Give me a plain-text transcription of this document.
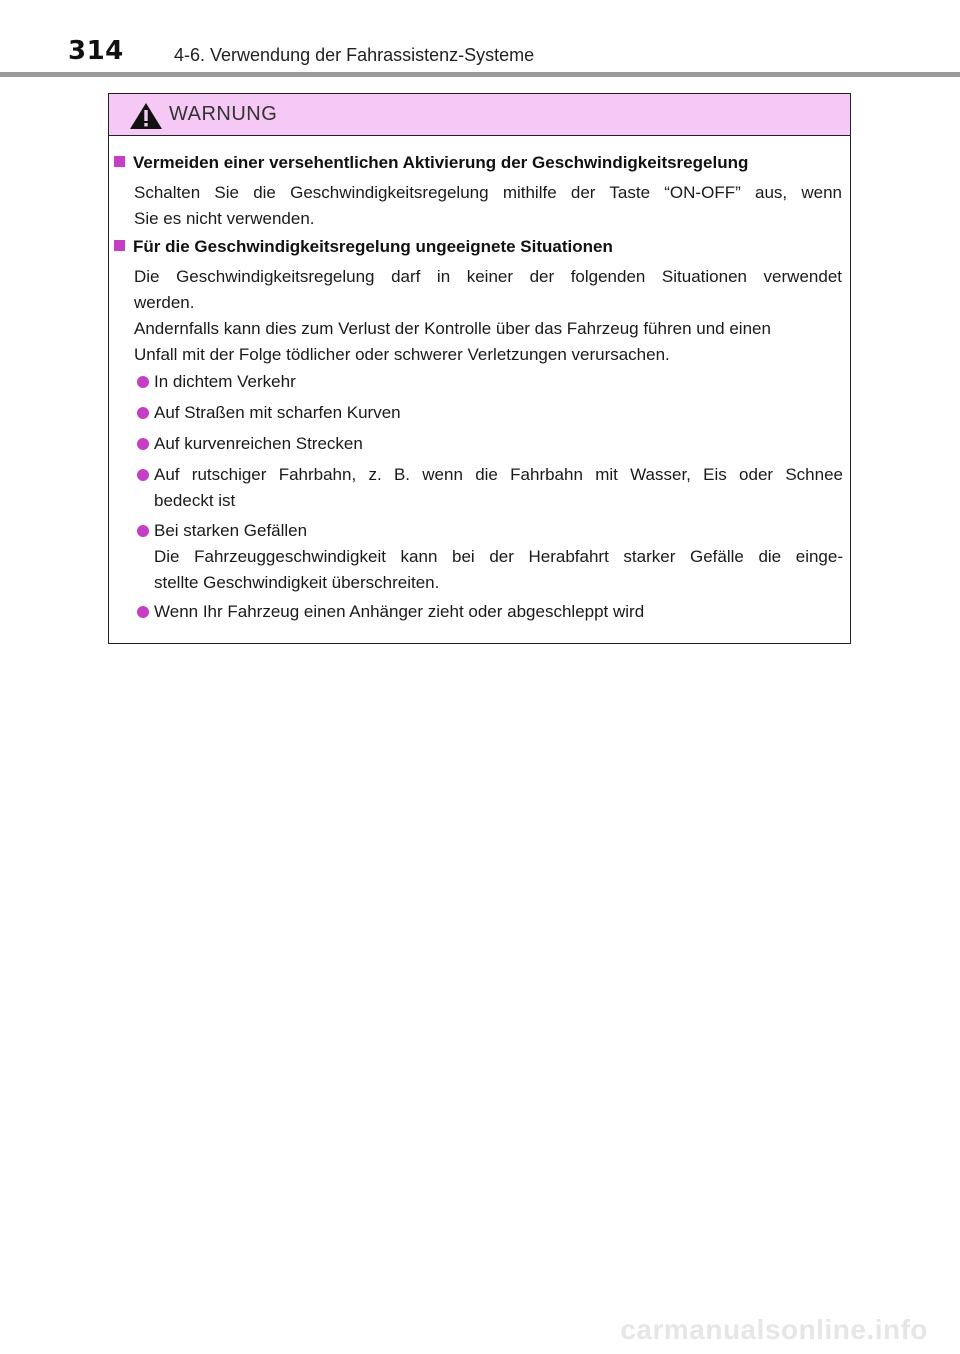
314	4-6. Verwendung der Fahrassistenz-Systeme
WARNUNG
Vermeiden einer versehentlichen Aktivierung der Geschwindigkeitsregelung
Schalten Sie die Geschwindigkeitsregelung mithilfe der Taste “ON-OFF” aus, wenn
Sie es nicht verwenden.
Für die Geschwindigkeitsregelung ungeeignete Situationen
Die Geschwindigkeitsregelung darf in keiner der folgenden Situationen verwendet
werden.
Andernfalls kann dies zum Verlust der Kontrolle über das Fahrzeug führen und einen
Unfall mit der Folge tödlicher oder schwerer Verletzungen verursachen.
In dichtem Verkehr
Auf Straßen mit scharfen Kurven
Auf kurvenreichen Strecken
Auf rutschiger Fahrbahn, z. B. wenn die Fahrbahn mit Wasser, Eis oder Schnee
bedeckt ist
Bei starken Gefällen
Die Fahrzeuggeschwindigkeit kann bei der Herabfahrt starker Gefälle die einge-
stellte Geschwindigkeit überschreiten.
Wenn Ihr Fahrzeug einen Anhänger zieht oder abgeschleppt wird
carmanualsonline.info
